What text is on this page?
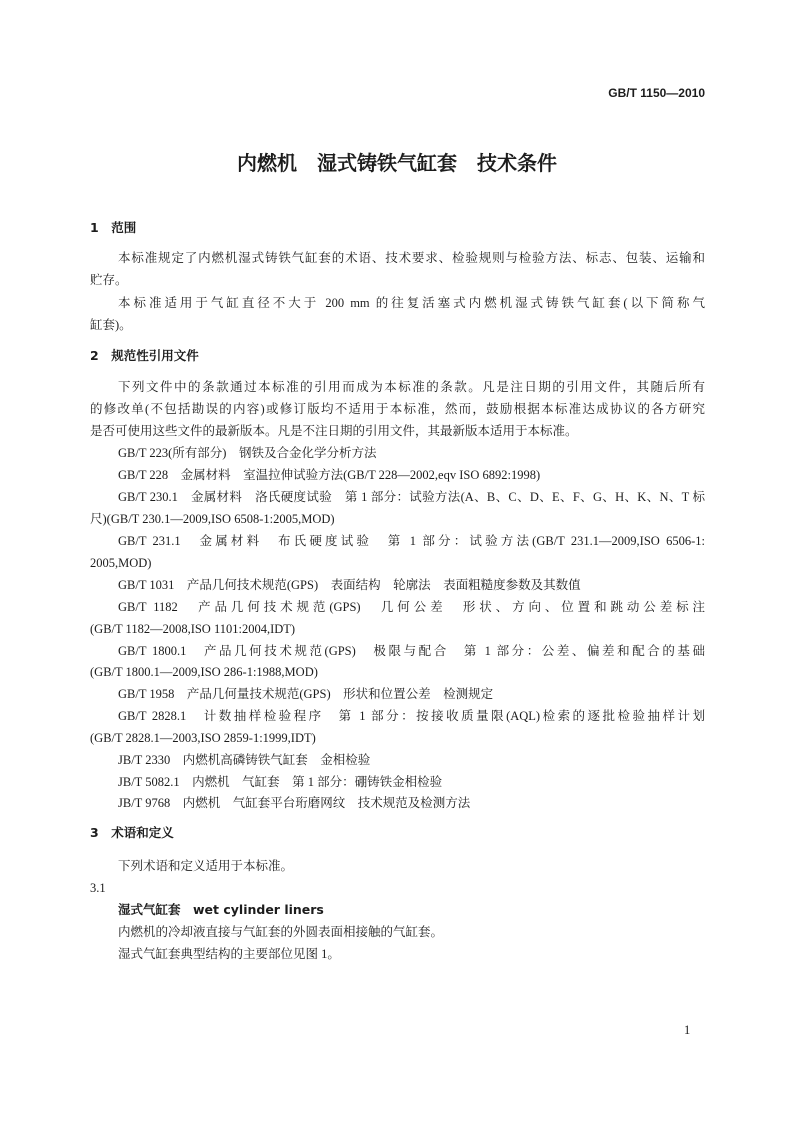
GB/T 1150—2010
内燃机　湿式铸铁气缸套　技术条件
1　范围
本标准规定了内燃机湿式铸铁气缸套的术语、技术要求、检验规则与检验方法、标志、包装、运输和
贮存。
本标准适用于气缸直径不大于 200 mm 的往复活塞式内燃机湿式铸铁气缸套(以下简称气
缸套)。
2　规范性引用文件
下列文件中的条款通过本标准的引用而成为本标准的条款。凡是注日期的引用文件，其随后所有
的修改单(不包括勘误的内容)或修订版均不适用于本标准，然而，鼓励根据本标准达成协议的各方研究
是否可使用这些文件的最新版本。凡是不注日期的引用文件，其最新版本适用于本标准。
GB/T 223(所有部分)　钢铁及合金化学分析方法
GB/T 228　金属材料　室温拉伸试验方法(GB/T 228—2002,eqv ISO 6892:1998)
GB/T 230.1　金属材料　洛氏硬度试验　第 1 部分：试验方法(A、B、C、D、E、F、G、H、K、N、T 标
尺)(GB/T 230.1—2009,ISO 6508-1:2005,MOD)
GB/T 231.1　金属材料　布氏硬度试验　第 1 部分：试验方法(GB/T 231.1—2009,ISO 6506-1:
2005,MOD)
GB/T 1031　产品几何技术规范(GPS)　表面结构　轮廓法　表面粗糙度参数及其数值
GB/T 1182　产品几何技术规范(GPS)　几何公差　形状、方向、位置和跳动公差标注
(GB/T 1182—2008,ISO 1101:2004,IDT)
GB/T 1800.1　产品几何技术规范(GPS)　极限与配合　第 1 部分：公差、偏差和配合的基础
(GB/T 1800.1—2009,ISO 286-1:1988,MOD)
GB/T 1958　产品几何量技术规范(GPS)　形状和位置公差　检测规定
GB/T 2828.1　计数抽样检验程序　第 1 部分：按接收质量限(AQL)检索的逐批检验抽样计划
(GB/T 2828.1—2003,ISO 2859-1:1999,IDT)
JB/T 2330　内燃机高磷铸铁气缸套　金相检验
JB/T 5082.1　内燃机　气缸套　第 1 部分：硼铸铁金相检验
JB/T 9768　内燃机　气缸套平台珩磨网纹　技术规范及检测方法
3　术语和定义
下列术语和定义适用于本标准。
3.1
湿式气缸套　wet cylinder liners
内燃机的冷却液直接与气缸套的外圆表面相接触的气缸套。
湿式气缸套典型结构的主要部位见图 1。
1
